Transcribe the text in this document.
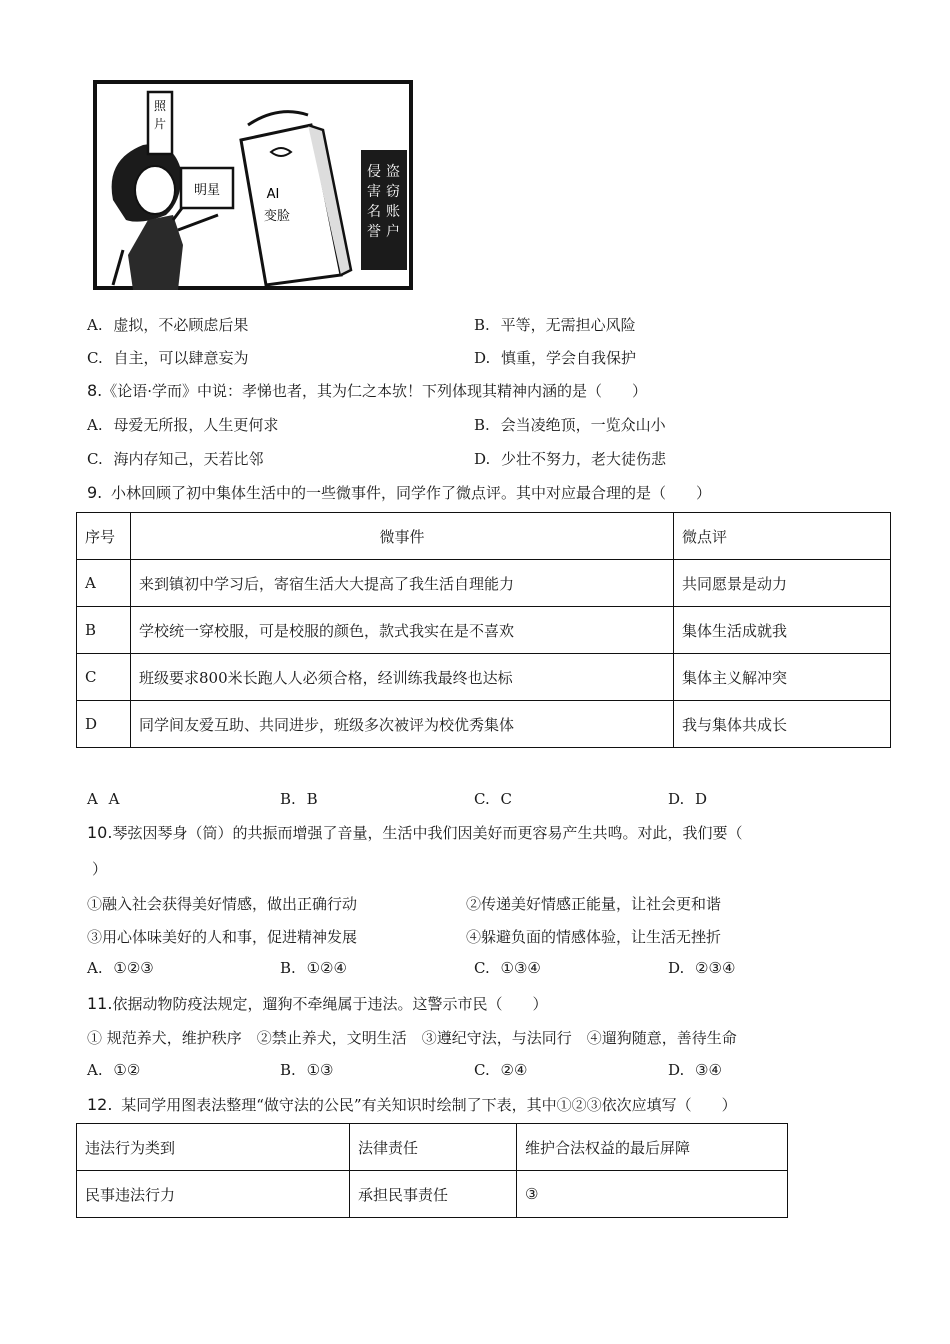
照
片
明星	AI
变脸
盗
窃
账
户
侵
害
名
誉
A. 虚拟，不必顾虑后果	B. 平等，无需担心风险
C. 自主，可以肆意妄为	D. 慎重，学会自我保护
8.《论语·学而》中说：孝悌也者，其为仁之本欤！下列体现其精神内涵的是（　　）
A. 母爱无所报，人生更何求	B. 会当凌绝顶，一览众山小
C. 海内存知己，天若比邻	D. 少壮不努力，老大徒伤悲
9. 小林回顾了初中集体生活中的一些微事件，同学作了微点评。其中对应最合理的是（　　）
序号	微事件	微点评
A	来到镇初中学习后，寄宿生活大大提高了我生活自理能力	共同愿景是动力
B	学校统一穿校服，可是校服的颜色，款式我实在是不喜欢	集体生活成就我
C	班级要求800米长跑人人必须合格，经训练我最终也达标	集体主义解冲突
D	同学间友爱互助、共同进步，班级多次被评为校优秀集体	我与集体共成长
A A	B. B	C. C	D. D
10.琴弦因琴身（筒）的共振而增强了音量，生活中我们因美好而更容易产生共鸣。对此，我们要（
）
①融入社会获得美好情感，做出正确行动	②传递美好情感正能量，让社会更和谐
③用心体味美好的人和事，促进精神发展	④躲避负面的情感体验，让生活无挫折
A. ①②③	B. ①②④	C. ①③④	D. ②③④
11.依据动物防疫法规定，遛狗不牵绳属于违法。这警示市民（　　）
① 规范养犬，维护秩序　②禁止养犬，文明生活　③遵纪守法，与法同行　④遛狗随意，善待生命
A. ①②	B. ①③	C. ②④	D. ③④
12. 某同学用图表法整理“做守法的公民”有关知识时绘制了下表，其中①②③依次应填写（　　）
违法行为类到	法律责任	维护合法权益的最后屏障
民事违法行力	承担民事责任	③
